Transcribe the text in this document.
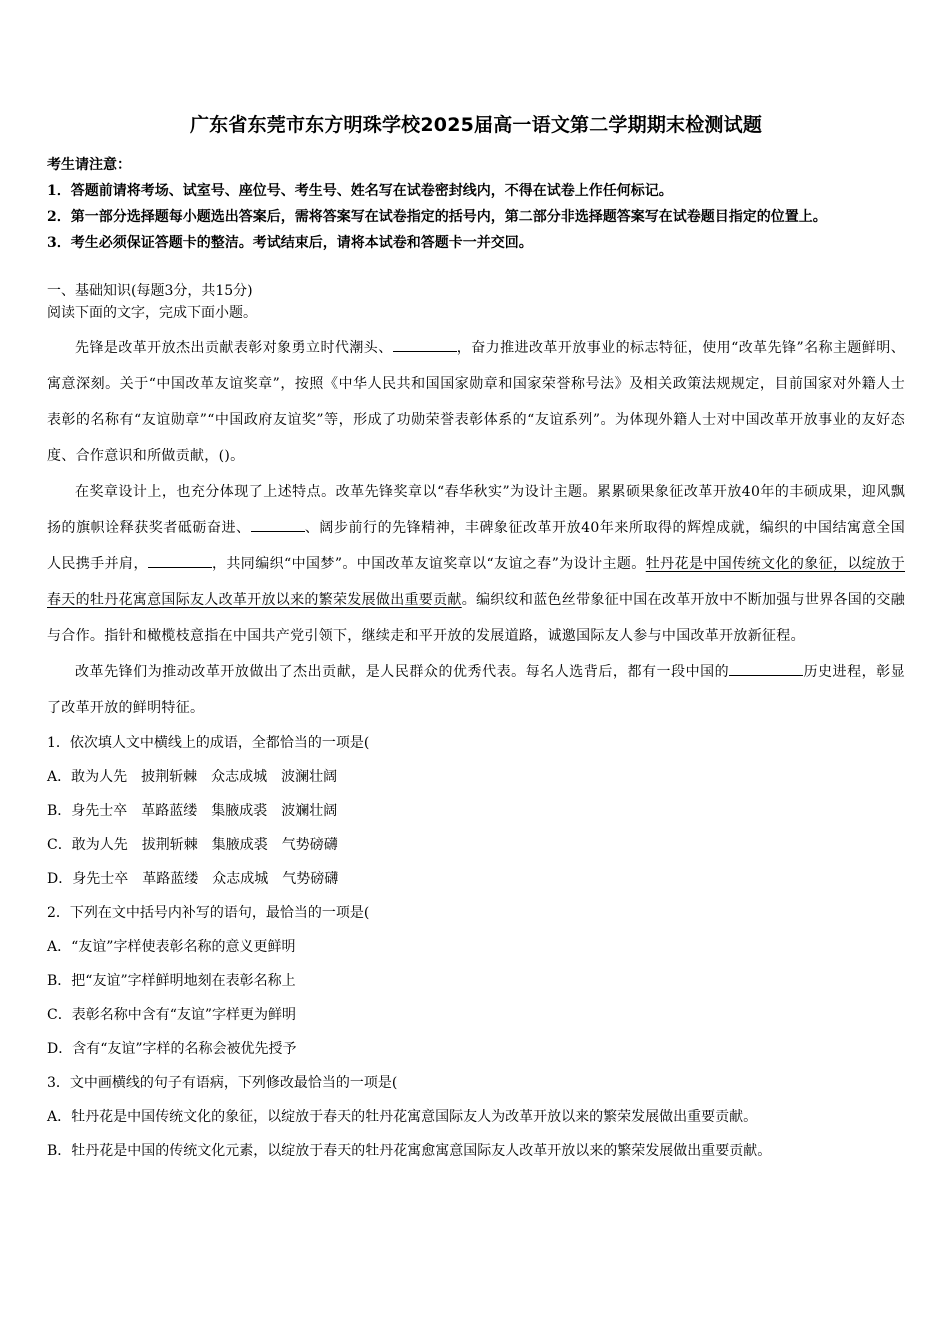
广东省东莞市东方明珠学校2025届高一语文第二学期期末检测试题

考生请注意：

1．答题前请将考场、试室号、座位号、考生号、姓名写在试卷密封线内，不得在试卷上作任何标记。

2．第一部分选择题每小题选出答案后，需将答案写在试卷指定的括号内，第二部分非选择题答案写在试卷题目指定的位置上。

3．考生必须保证答题卡的整洁。考试结束后，请将本试卷和答题卡一并交回。

一、基础知识(每题3分，共15分)

阅读下面的文字，完成下面小题。

先锋是改革开放杰出贡献表彰对象勇立时代潮头、	，奋力推进改革开放事业的标志特征，使用“改革先锋”名称主题鲜明、寓意深刻。关于“中国改革友谊奖章”，按照《中华人民共和国国家勋章和国家荣誉称号法》及相关政策法规规定，目前国家对外籍人士表彰的名称有“友谊勋章”“中国政府友谊奖”等，形成了功勋荣誉表彰体系的“友谊系列”。为体现外籍人士对中国改革开放事业的友好态度、合作意识和所做贡献，()。

在奖章设计上，也充分体现了上述特点。改革先锋奖章以“春华秋实”为设计主题。累累硕果象征改革开放40年的丰硕成果，迎风飘扬的旗帜诠释获奖者砥砺奋进、	、阔步前行的先锋精神，丰碑象征改革开放40年来所取得的辉煌成就，编织的中国结寓意全国人民携手并肩，	，共同编织“中国梦”。中国改革友谊奖章以“友谊之春”为设计主题。牡丹花是中国传统文化的象征，以绽放于春天的牡丹花寓意国际友人改革开放以来的繁荣发展做出重要贡献。编织纹和蓝色丝带象征中国在改革开放中不断加强与世界各国的交融与合作。指针和橄榄枝意指在中国共产党引领下，继续走和平开放的发展道路，诚邀国际友人参与中国改革开放新征程。

改革先锋们为推动改革开放做出了杰出贡献，是人民群众的优秀代表。每名人选背后，都有一段中国的	历史进程，彰显了改革开放的鲜明特征。

1．依次填人文中横线上的成语，全都恰当的一项是(

A．敢为人先 披荆斩棘 众志成城 波澜壮阔

B．身先士卒 革路蓝缕 集腋成裘 波斓壮阔

C．敢为人先 拔荆斩棘 集腋成裘 气势磅礴

D．身先士卒 革路蓝缕 众志成城 气势磅礴

2．下列在文中括号内补写的语句，最恰当的一项是(

A．“友谊”字样使表彰名称的意义更鲜明

B．把“友谊”字样鲜明地刻在表彰名称上

C．表彰名称中含有“友谊”字样更为鲜明

D．含有“友谊”字样的名称会被优先授予

3．文中画横线的句子有语病，下列修改最恰当的一项是(

A．牡丹花是中国传统文化的象征，以绽放于春天的牡丹花寓意国际友人为改革开放以来的繁荣发展做出重要贡献。

B．牡丹花是中国的传统文化元素，以绽放于春天的牡丹花寓愈寓意国际友人改革开放以来的繁荣发展做出重要贡献。
